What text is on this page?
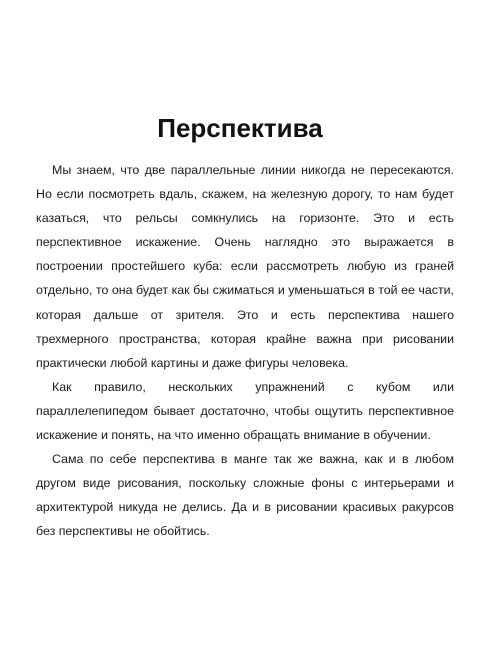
Перспектива

Мы знаем, что две параллельные линии никогда не пересекаются. Но если посмотреть вдаль, скажем, на железную дорогу, то нам будет казаться, что рельсы сомкнулись на горизонте. Это и есть перспективное искажение. Очень наглядно это выражается в построении простейшего куба: если рассмотреть любую из граней отдельно, то она будет как бы сжиматься и уменьшаться в той ее части, которая дальше от зрителя. Это и есть перспектива нашего трехмерного пространства, которая крайне важна при рисовании практически любой картины и даже фигуры человека.

Как правило, нескольких упражнений с кубом или параллелепипедом бывает достаточно, чтобы ощутить перспективное искажение и понять, на что именно обращать внимание в обучении.

Сама по себе перспектива в манге так же важна, как и в любом другом виде рисования, поскольку сложные фоны с интерьерами и архитектурой никуда не делись. Да и в рисовании красивых ракурсов без перспективы не обойтись.
